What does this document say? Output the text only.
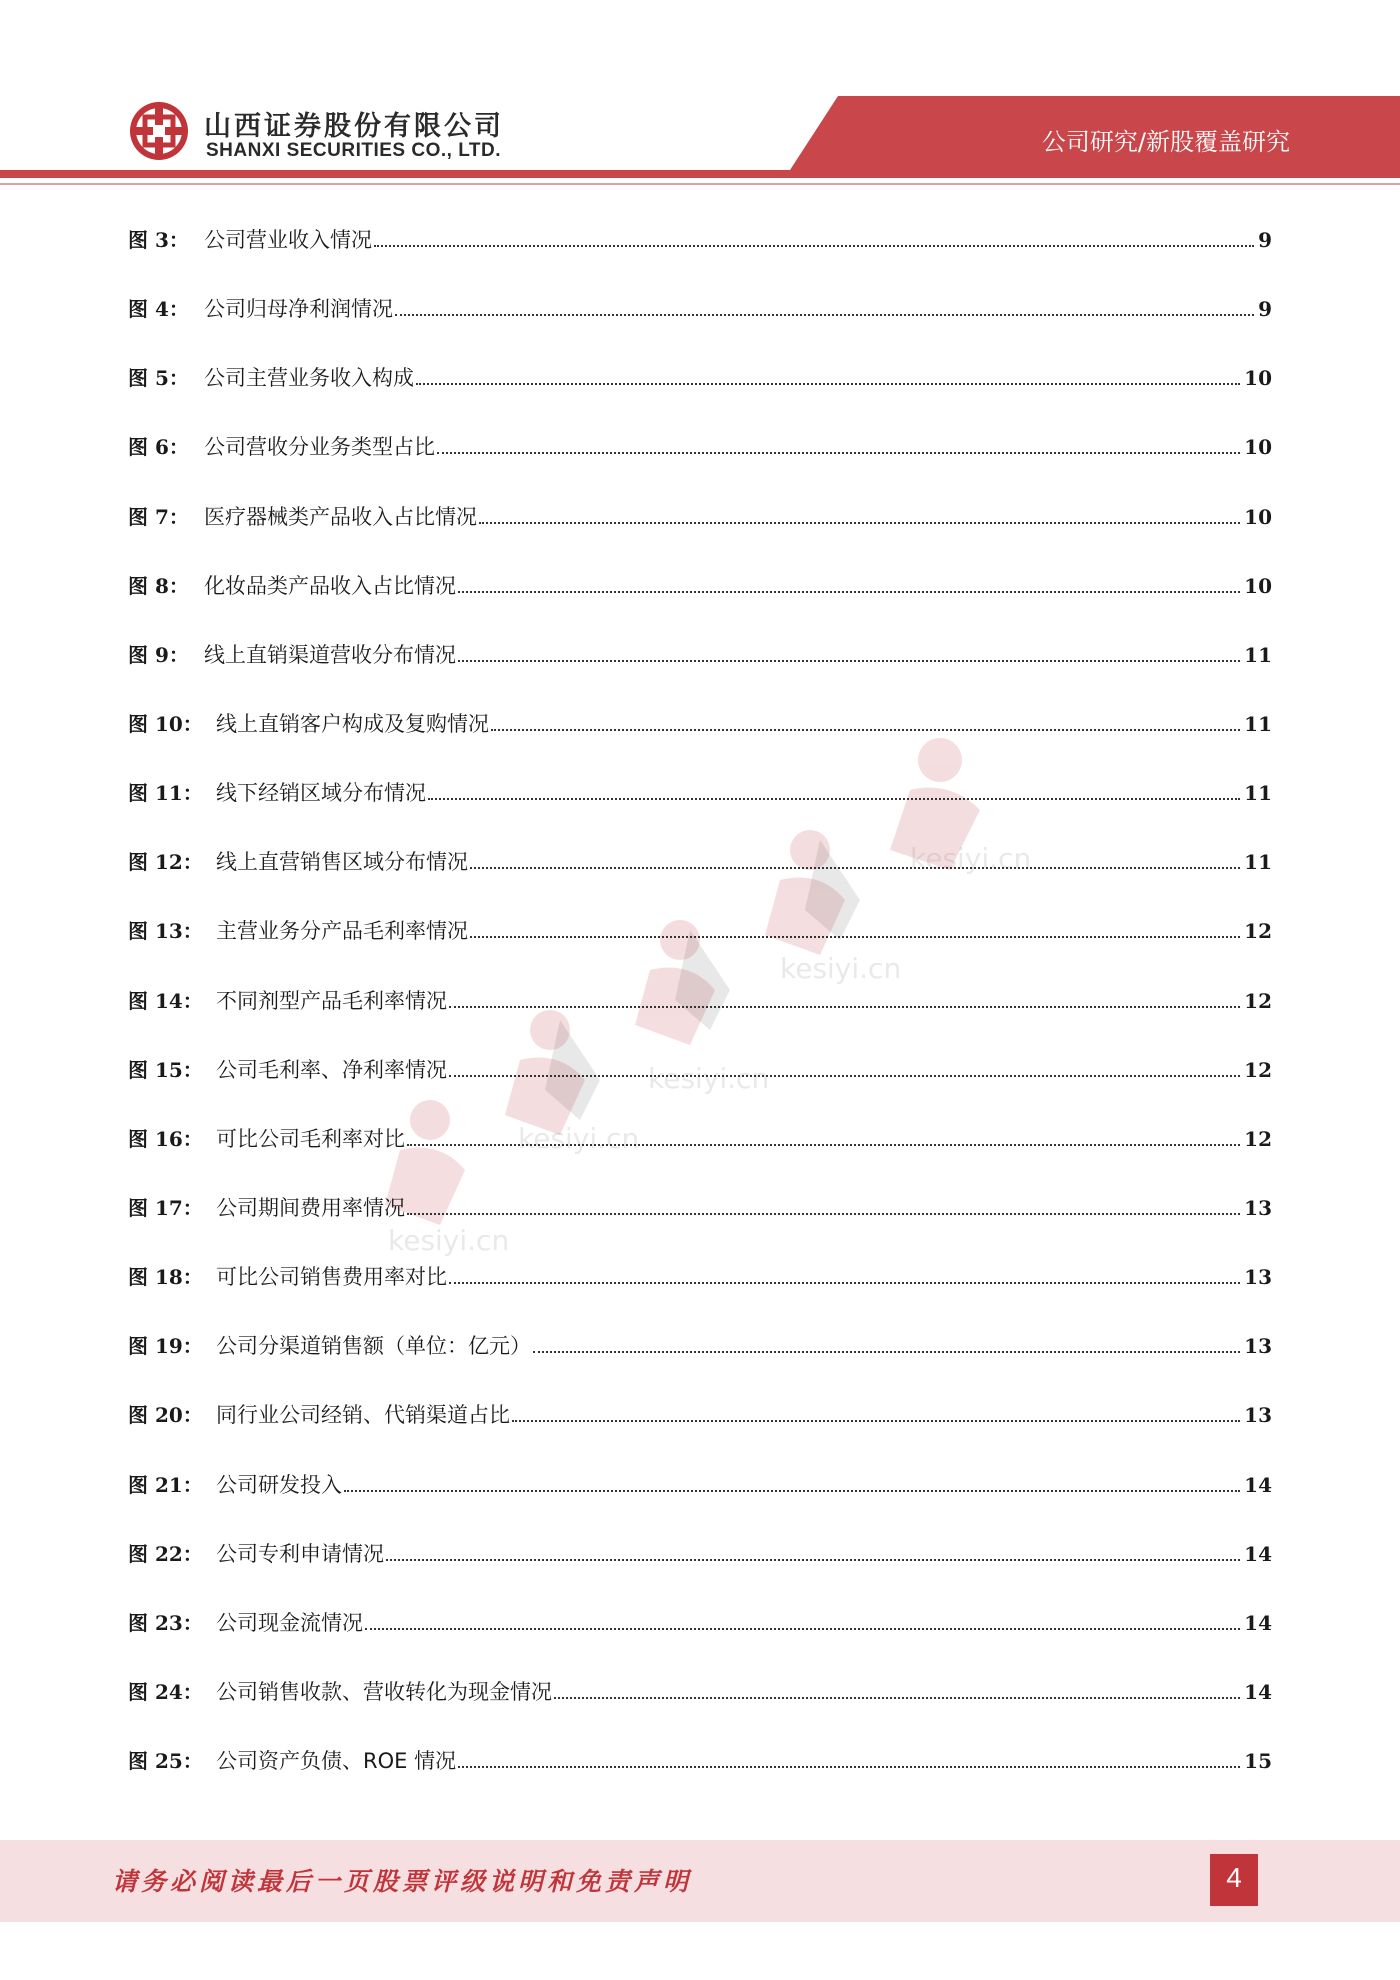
山西证券股份有限公司
SHANXI SECURITIES CO., LTD.	公司研究/新股覆盖研究
kesiyi.cn
kesiyi.cn
kesiyi.cn
kesiyi.cn
kesiyi.cn
图 3： 公司营业收入情况	9
图 4： 公司归母净利润情况	9
图 5： 公司主营业务收入构成	10
图 6： 公司营收分业务类型占比	10
图 7： 医疗器械类产品收入占比情况	10
图 8： 化妆品类产品收入占比情况	10
图 9： 线上直销渠道营收分布情况	11
图 10： 线上直销客户构成及复购情况	11
图 11： 线下经销区域分布情况	11
图 12： 线上直营销售区域分布情况	11
图 13： 主营业务分产品毛利率情况	12
图 14： 不同剂型产品毛利率情况	12
图 15： 公司毛利率、净利率情况	12
图 16： 可比公司毛利率对比	12
图 17： 公司期间费用率情况	13
图 18： 可比公司销售费用率对比	13
图 19： 公司分渠道销售额（单位：亿元）	13
图 20： 同行业公司经销、代销渠道占比	13
图 21： 公司研发投入	14
图 22： 公司专利申请情况	14
图 23： 公司现金流情况	14
图 24： 公司销售收款、营收转化为现金情况	14
图 25： 公司资产负债、ROE 情况	15
请务必阅读最后一页股票评级说明和免责声明	4
